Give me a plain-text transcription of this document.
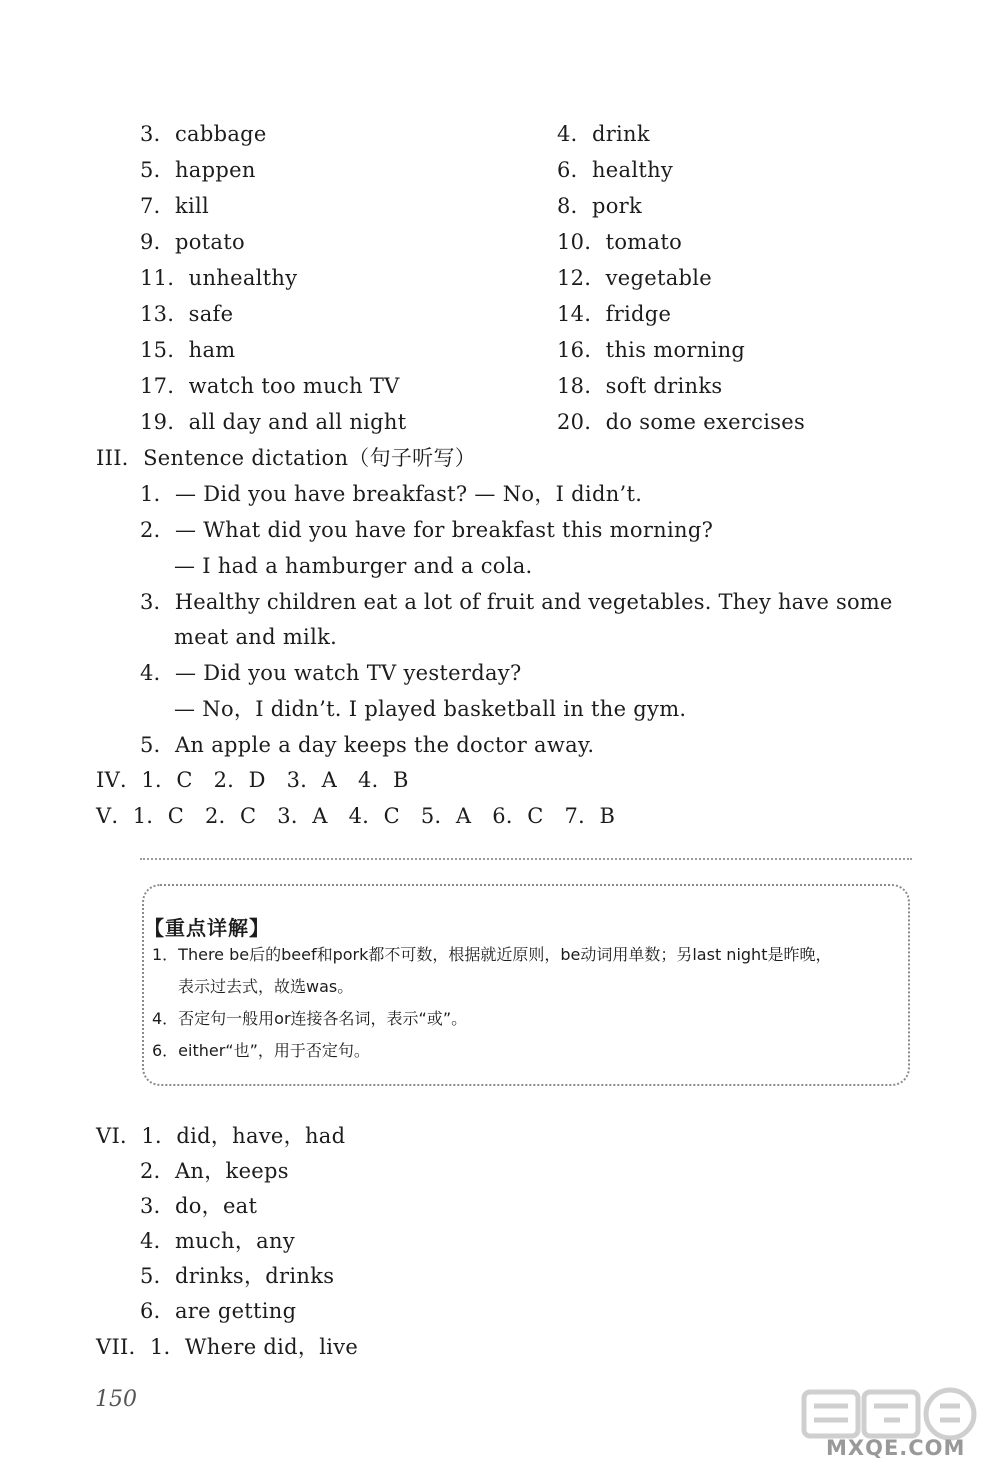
3．cabbage	4．drink
5．happen	6．healthy
7．kill	8．pork
9．potato	10．tomato
11．unhealthy	12．vegetable
13．safe	14．fridge
15．ham	16．this morning
17．watch too much TV	18．soft drinks
19．all day and all night	20．do some exercises
III．Sentence dictation（句子听写）
1．— Did you have breakfast? — No，I didn’t.
2．— What did you have for breakfast this morning?
— I had a hamburger and a cola.
3．Healthy children eat a lot of fruit and vegetables. They have some
meat and milk.
4．— Did you watch TV yesterday?
— No，I didn’t. I played basketball in the gym.
5．An apple a day keeps the doctor away.
IV．1．C   2．D   3．A   4．B
V．1．C   2．C   3．A   4．C   5．A   6．C   7．B
【重点详解】
1．There be后的beef和pork都不可数，根据就近原则，be动词用单数；另last night是昨晚，
表示过去式，故选was。
4．否定句一般用or连接各名词，表示“或”。
6．either“也”，用于否定句。
VI．1．did，have，had
2．An，keeps
3．do，eat
4．much，any
5．drinks，drinks
6．are getting
VII．1．Where did，live
150
MXQE.COM
